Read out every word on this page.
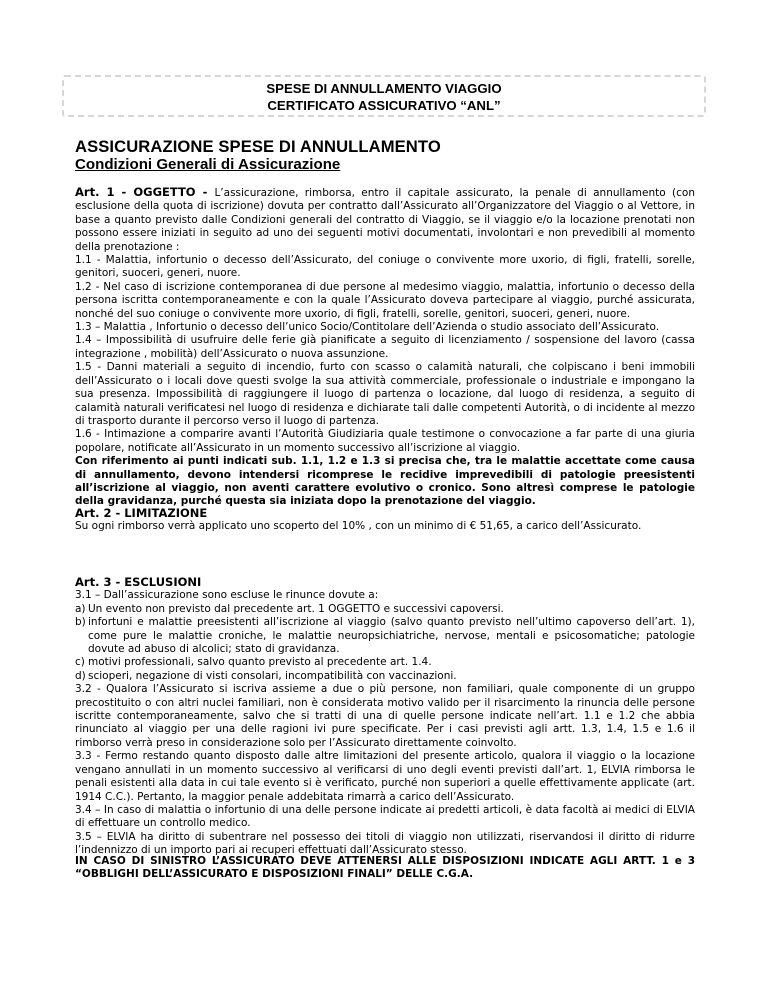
SPESE DI ANNULLAMENTO VIAGGIO
CERTIFICATO ASSICURATIVO “ANL”
ASSICURAZIONE SPESE DI ANNULLAMENTO
Condizioni Generali di Assicurazione

Art. 1 - OGGETTO - L’assicurazione, rimborsa, entro il capitale assicurato, la penale di annullamento (con esclusione della quota di iscrizione) dovuta per contratto dall’Assicurato all’Organizzatore del Viaggio o al Vettore, in base a quanto previsto dalle Condizioni generali del contratto di Viaggio, se il viaggio e/o la locazione prenotati non possono essere iniziati in seguito ad uno dei seguenti motivi documentati, involontari e non prevedibili al momento della prenotazione :

1.1 - Malattia, infortunio o decesso dell’Assicurato, del coniuge o convivente more uxorio, di figli, fratelli, sorelle, genitori, suoceri, generi, nuore.

1.2 - Nel caso di iscrizione contemporanea di due persone al medesimo viaggio, malattia, infortunio o decesso della persona iscritta contemporaneamente e con la quale l’Assicurato doveva partecipare al viaggio, purché assicurata, nonché del suo coniuge o convivente more uxorio, di figli, fratelli, sorelle, genitori, suoceri, generi, nuore.

1.3 – Malattia , Infortunio o decesso dell’unico Socio/Contitolare dell’Azienda o studio associato dell’Assicurato.

1.4 – Impossibilità di usufruire delle ferie già pianificate a seguito di licenziamento / sospensione del lavoro (cassa integrazione , mobilità) dell’Assicurato o nuova assunzione.

1.5 - Danni materiali a seguito di incendio, furto con scasso o calamità naturali, che colpiscano i beni immobili dell’Assicurato o i locali dove questi svolge la sua attività commerciale, professionale o industriale e impongano la sua presenza. Impossibilità di raggiungere il luogo di partenza o locazione, dal luogo di residenza, a seguito di calamità naturali verificatesi nel luogo di residenza e dichiarate tali dalle competenti Autorità, o di incidente al mezzo di trasporto durante il percorso verso il luogo di partenza.

1.6 - Intimazione a comparire avanti l’Autorità Giudiziaria quale testimone o convocazione a far parte di una giuria popolare, notificate all’Assicurato in un momento successivo all’iscrizione al viaggio.

Con riferimento ai punti indicati sub. 1.1, 1.2 e 1.3 si precisa che, tra le malattie accettate come causa di annullamento, devono intendersi ricomprese le recidive imprevedibili di patologie preesistenti all’iscrizione al viaggio, non aventi carattere evolutivo o cronico. Sono altresì comprese le patologie della gravidanza, purché questa sia iniziata dopo la prenotazione del viaggio.

Art. 2 - LIMITAZIONE

Su ogni rimborso verrà applicato uno scoperto del 10% , con un minimo di € 51,65, a carico dell’Assicurato.

Art. 3 - ESCLUSIONI

3.1 – Dall’assicurazione sono escluse le rinunce dovute a:

a) Un evento non previsto dal precedente art. 1 OGGETTO e successivi capoversi.
b) infortuni e malattie preesistenti all’iscrizione al viaggio (salvo quanto previsto nell’ultimo capoverso dell’art. 1), come pure le malattie croniche, le malattie neuropsichiatriche, nervose, mentali e psicosomatiche; patologie dovute ad abuso di alcolici; stato di gravidanza.
c) motivi professionali, salvo quanto previsto al precedente art. 1.4.
d) scioperi, negazione di visti consolari, incompatibilità con vaccinazioni.

3.2 - Qualora l’Assicurato si iscriva assieme a due o più persone, non familiari, quale componente di un gruppo precostituito o con altri nuclei familiari, non è considerata motivo valido per il risarcimento la rinuncia delle persone iscritte contemporaneamente, salvo che si tratti di una di quelle persone indicate nell’art. 1.1 e 1.2 che abbia rinunciato al viaggio per una delle ragioni ivi pure specificate. Per i casi previsti agli artt. 1.3, 1.4, 1.5 e 1.6 il rimborso verrà preso in considerazione solo per l’Assicurato direttamente coinvolto.

3.3 - Fermo restando quanto disposto dalle altre limitazioni del presente articolo, qualora il viaggio o la locazione vengano annullati in un momento successivo al verificarsi di uno degli eventi previsti dall’art. 1, ELVIA rimborsa le penali esistenti alla data in cui tale evento si è verificato, purché non superiori a quelle effettivamente applicate (art. 1914 C.C.). Pertanto, la maggior penale addebitata rimarrà a carico dell’Assicurato.

3.4 – In caso di malattia o infortunio di una delle persone indicate ai predetti articoli, è data facoltà ai medici di ELVIA di effettuare un controllo medico.

3.5 – ELVIA ha diritto di subentrare nel possesso dei titoli di viaggio non utilizzati, riservandosi il diritto di ridurre l’indennizzo di un importo pari ai recuperi effettuati dall’Assicurato stesso.

IN CASO DI SINISTRO L’ASSICURATO DEVE ATTENERSI ALLE DISPOSIZIONI INDICATE AGLI ARTT. 1 e 3 “OBBLIGHI DELL’ASSICURATO E DISPOSIZIONI FINALI” DELLE C.G.A.
